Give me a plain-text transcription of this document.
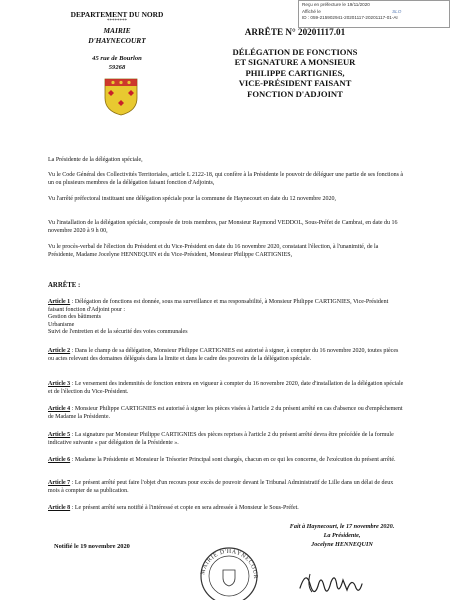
Reçu en préfecture le 19/11/2020
Affiché le	SLO
ID : 059-215902941-20201117-20201117-01-AI
DEPARTEMENT DU NORD
********
MAIRIE
D'HAYNECOURT
45 rue de Bourlon
59268
ARRÊTE N° 20201117.01
DÉLÉGATION DE FONCTIONS
ET SIGNATURE A MONSIEUR
PHILIPPE CARTIGNIES,
VICE-PRÉSIDENT FAISANT
FONCTION D'ADJOINT
La Présidente de la délégation spéciale,
Vu le Code Général des Collectivités Territoriales, article L 2122-18, qui confère à la Présidente le pouvoir de déléguer une partie de ses fonctions à un ou plusieurs membres de la délégation faisant fonction d'Adjoints,
Vu l'arrêté préfectoral instituant une délégation spéciale pour la commune de Haynecourt en date du 12 novembre 2020,
Vu l'installation de la délégation spéciale, composée de trois membres, par Monsieur Raymond VEDDOL, Sous-Préfet de Cambrai, en date du 16 novembre 2020 à 9 h 00,
Vu le procès-verbal de l'élection du Président et du Vice-Président en date du 16 novembre 2020, constatant l'élection, à l'unanimité, de la Présidente, Madame Jocelyne HENNEQUIN et du Vice-Président, Monsieur Philippe CARTIGNIES,
ARRÊTE :
Article 1 : Délégation de fonctions est donnée, sous ma surveillance et ma responsabilité, à Monsieur Philippe CARTIGNIES, Vice-Président faisant fonction d'Adjoint pour :
Gestion des bâtiments
Urbanisme
Suivi de l'entretien et de la sécurité des voies communales
Article 2 : Dans le champ de sa délégation, Monsieur Philippe CARTIGNIES est autorisé à signer, à compter du 16 novembre 2020, toutes pièces ou actes relevant des domaines délégués dans la limite et dans le cadre des pouvoirs de la délégation spéciale.
Article 3 : Le versement des indemnités de fonction entrera en vigueur à compter du 16 novembre 2020, date d'installation de la délégation spéciale et de l'élection du Vice-Président.
Article 4 : Monsieur Philippe CARTIGNIES est autorisé à signer les pièces visées à l'article 2 du présent arrêté en cas d'absence ou d'empêchement de Madame la Présidente.
Article 5 : La signature par Monsieur Philippe CARTIGNIES des pièces reprises à l'article 2 du présent arrêté devra être précédée de la formule indicative suivante « par délégation de la Présidente ».
Article 6 : Madame la Présidente et Monsieur le Trésorier Principal sont chargés, chacun en ce qui les concerne, de l'exécution du présent arrêté.
Article 7 : Le présent arrêté peut faire l'objet d'un recours pour excès de pouvoir devant le Tribunal Administratif de Lille dans un délai de deux mois à compter de sa publication.
Article 8 : Le présent arrêté sera notifié à l'intéressé et copie en sera adressée à Monsieur le Sous-Préfet.
Fait à Haynecourt, le 17 novembre 2020.
La Présidente,
Jocelyne HENNEQUIN
Notifié le 19 novembre 2020
MAIRIE D'HAYNECOUR
